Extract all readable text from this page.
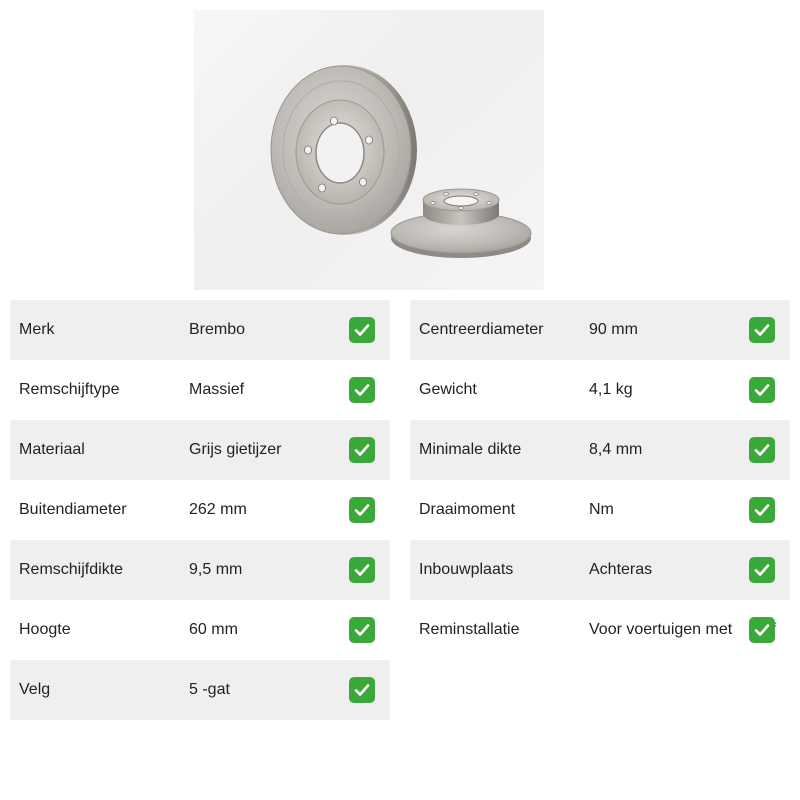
Merk	Brembo
Remschijftype	Massief
Materiaal	Grijs gietijzer
Buitendiameter	262 mm
Remschijfdikte	9,5 mm
Hoogte	60 mm
Velg	5 -gat
Centreerdiameter	90 mm
Gewicht	4,1 kg
Minimale dikte	8,4 mm
Draaimoment	Nm
Inbouwplaats	Achteras
Reminstallatie	Voor voertuigen met
